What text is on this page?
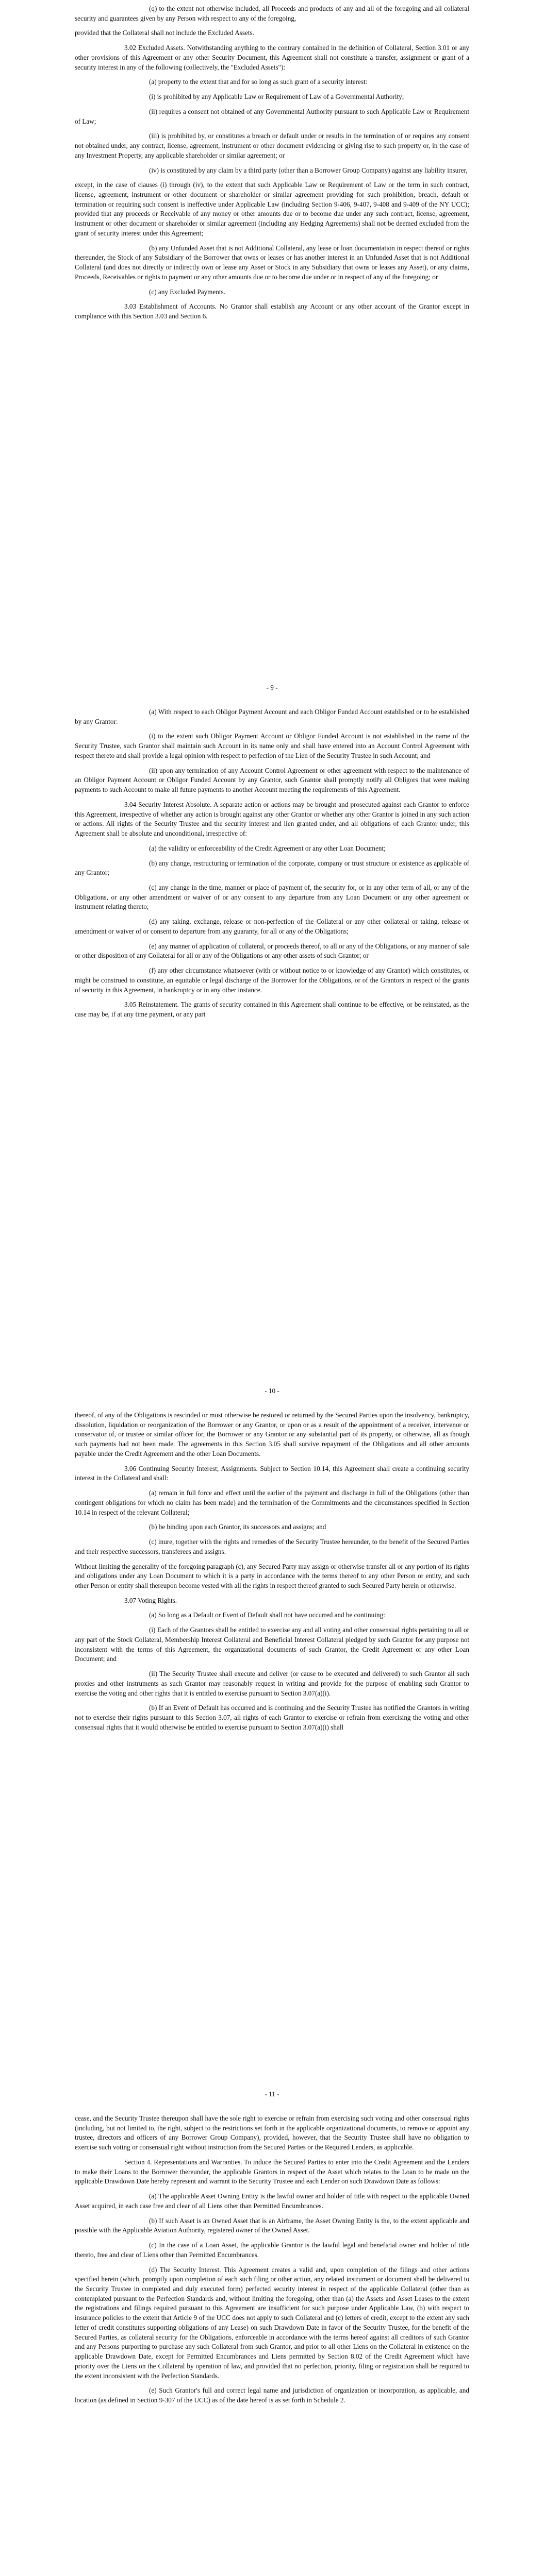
(q) to the extent not otherwise included, all Proceeds and products of any and all of the foregoing and all collateral security and guarantees given by any Person with respect to any of the foregoing,

provided that the Collateral shall not include the Excluded Assets.

3.02 Excluded Assets. Notwithstanding anything to the contrary contained in the definition of Collateral, Section 3.01 or any other provisions of this Agreement or any other Security Document, this Agreement shall not constitute a transfer, assignment or grant of a security interest in any of the following (collectively, the "Excluded Assets"):

(a) property to the extent that and for so long as such grant of a security interest:

(i) is prohibited by any Applicable Law or Requirement of Law of a Governmental Authority;

(ii) requires a consent not obtained of any Governmental Authority pursuant to such Applicable Law or Requirement of Law;

(iii) is prohibited by, or constitutes a breach or default under or results in the termination of or requires any consent not obtained under, any contract, license, agreement, instrument or other document evidencing or giving rise to such property or, in the case of any Investment Property, any applicable shareholder or similar agreement; or

(iv) is constituted by any claim by a third party (other than a Borrower Group Company) against any liability insurer,

except, in the case of clauses (i) through (iv), to the extent that such Applicable Law or Requirement of Law or the term in such contract, license, agreement, instrument or other document or shareholder or similar agreement providing for such prohibition, breach, default or termination or requiring such consent is ineffective under Applicable Law (including Section 9-406, 9-407, 9-408 and 9-409 of the NY UCC); provided that any proceeds or Receivable of any money or other amounts due or to become due under any such contract, license, agreement, instrument or other document or shareholder or similar agreement (including any Hedging Agreements) shall not be deemed excluded from the grant of security interest under this Agreement;

(b) any Unfunded Asset that is not Additional Collateral, any lease or loan documentation in respect thereof or rights thereunder, the Stock of any Subsidiary of the Borrower that owns or leases or has another interest in an Unfunded Asset that is not Additional Collateral (and does not directly or indirectly own or lease any Asset or Stock in any Subsidiary that owns or leases any Asset), or any claims, Proceeds, Receivables or rights to payment or any other amounts due or to become due under or in respect of any of the foregoing; or

(c) any Excluded Payments.

3.03 Establishment of Accounts. No Grantor shall establish any Account or any other account of the Grantor except in compliance with this Section 3.03 and Section 6.

- 9 -

(a) With respect to each Obligor Payment Account and each Obligor Funded Account established or to be established by any Grantor:

(i) to the extent such Obligor Payment Account or Obligor Funded Account is not established in the name of the Security Trustee, such Grantor shall maintain such Account in its name only and shall have entered into an Account Control Agreement with respect thereto and shall provide a legal opinion with respect to perfection of the Lien of the Security Trustee in such Account; and

(ii) upon any termination of any Account Control Agreement or other agreement with respect to the maintenance of an Obligor Payment Account or Obligor Funded Account by any Grantor, such Grantor shall promptly notify all Obligors that were making payments to such Account to make all future payments to another Account meeting the requirements of this Agreement.

3.04 Security Interest Absolute. A separate action or actions may be brought and prosecuted against each Grantor to enforce this Agreement, irrespective of whether any action is brought against any other Grantor or whether any other Grantor is joined in any such action or actions. All rights of the Security Trustee and the security interest and lien granted under, and all obligations of each Grantor under, this Agreement shall be absolute and unconditional, irrespective of:

(a) the validity or enforceability of the Credit Agreement or any other Loan Document;

(b) any change, restructuring or termination of the corporate, company or trust structure or existence as applicable of any Grantor;

(c) any change in the time, manner or place of payment of, the security for, or in any other term of all, or any of the Obligations, or any other amendment or waiver of or any consent to any departure from any Loan Document or any other agreement or instrument relating thereto;

(d) any taking, exchange, release or non-perfection of the Collateral or any other collateral or taking, release or amendment or waiver of or consent to departure from any guaranty, for all or any of the Obligations;

(e) any manner of application of collateral, or proceeds thereof, to all or any of the Obligations, or any manner of sale or other disposition of any Collateral for all or any of the Obligations or any other assets of such Grantor; or

(f) any other circumstance whatsoever (with or without notice to or knowledge of any Grantor) which constitutes, or might be construed to constitute, an equitable or legal discharge of the Borrower for the Obligations, or of the Grantors in respect of the grants of security in this Agreement, in bankruptcy or in any other instance.

3.05 Reinstatement. The grants of security contained in this Agreement shall continue to be effective, or be reinstated, as the case may be, if at any time payment, or any part

- 10 -

thereof, of any of the Obligations is rescinded or must otherwise be restored or returned by the Secured Parties upon the insolvency, bankruptcy, dissolution, liquidation or reorganization of the Borrower or any Grantor, or upon or as a result of the appointment of a receiver, intervenor or conservator of, or trustee or similar officer for, the Borrower or any Grantor or any substantial part of its property, or otherwise, all as though such payments had not been made. The agreements in this Section 3.05 shall survive repayment of the Obligations and all other amounts payable under the Credit Agreement and the other Loan Documents.

3.06 Continuing Security Interest; Assignments. Subject to Section 10.14, this Agreement shall create a continuing security interest in the Collateral and shall:

(a) remain in full force and effect until the earlier of the payment and discharge in full of the Obligations (other than contingent obligations for which no claim has been made) and the termination of the Commitments and the circumstances specified in Section 10.14 in respect of the relevant Collateral;

(b) be binding upon each Grantor, its successors and assigns; and

(c) inure, together with the rights and remedies of the Security Trustee hereunder, to the benefit of the Secured Parties and their respective successors, transferees and assigns.

Without limiting the generality of the foregoing paragraph (c), any Secured Party may assign or otherwise transfer all or any portion of its rights and obligations under any Loan Document to which it is a party in accordance with the terms thereof to any other Person or entity, and such other Person or entity shall thereupon become vested with all the rights in respect thereof granted to such Secured Party herein or otherwise.

3.07 Voting Rights.

(a) So long as a Default or Event of Default shall not have occurred and be continuing:

(i) Each of the Grantors shall be entitled to exercise any and all voting and other consensual rights pertaining to all or any part of the Stock Collateral, Membership Interest Collateral and Beneficial Interest Collateral pledged by such Grantor for any purpose not inconsistent with the terms of this Agreement, the organizational documents of such Grantor, the Credit Agreement or any other Loan Document; and

(ii) The Security Trustee shall execute and deliver (or cause to be executed and delivered) to such Grantor all such proxies and other instruments as such Grantor may reasonably request in writing and provide for the purpose of enabling such Grantor to exercise the voting and other rights that it is entitled to exercise pursuant to Section 3.07(a)(i).

(b) If an Event of Default has occurred and is continuing and the Security Trustee has notified the Grantors in writing not to exercise their rights pursuant to this Section 3.07, all rights of each Grantor to exercise or refrain from exercising the voting and other consensual rights that it would otherwise be entitled to exercise pursuant to Section 3.07(a)(i) shall

- 11 -

cease, and the Security Trustee thereupon shall have the sole right to exercise or refrain from exercising such voting and other consensual rights (including, but not limited to, the right, subject to the restrictions set forth in the applicable organizational documents, to remove or appoint any trustee, directors and officers of any Borrower Group Company), provided, however, that the Security Trustee shall have no obligation to exercise such voting or consensual right without instruction from the Secured Parties or the Required Lenders, as applicable.

Section 4. Representations and Warranties. To induce the Secured Parties to enter into the Credit Agreement and the Lenders to make their Loans to the Borrower thereunder, the applicable Grantors in respect of the Asset which relates to the Loan to be made on the applicable Drawdown Date hereby represent and warrant to the Security Trustee and each Lender on such Drawdown Date as follows:

(a) The applicable Asset Owning Entity is the lawful owner and holder of title with respect to the applicable Owned Asset acquired, in each case free and clear of all Liens other than Permitted Encumbrances.

(b) If such Asset is an Owned Asset that is an Airframe, the Asset Owning Entity is the, to the extent applicable and possible with the Applicable Aviation Authority, registered owner of the Owned Asset.

(c) In the case of a Loan Asset, the applicable Grantor is the lawful legal and beneficial owner and holder of title thereto, free and clear of Liens other than Permitted Encumbrances.

(d) The Security Interest. This Agreement creates a valid and, upon completion of the filings and other actions specified herein (which, promptly upon completion of each such filing or other action, any related instrument or document shall be delivered to the Security Trustee in completed and duly executed form) perfected security interest in respect of the applicable Collateral (other than as contemplated pursuant to the Perfection Standards and, without limiting the foregoing, other than (a) the Assets and Asset Leases to the extent the registrations and filings required pursuant to this Agreement are insufficient for such purpose under Applicable Law, (b) with respect to insurance policies to the extent that Article 9 of the UCC does not apply to such Collateral and (c) letters of credit, except to the extent any such letter of credit constitutes supporting obligations of any Lease) on such Drawdown Date in favor of the Security Trustee, for the benefit of the Secured Parties, as collateral security for the Obligations, enforceable in accordance with the terms hereof against all creditors of such Grantor and any Persons purporting to purchase any such Collateral from such Grantor, and prior to all other Liens on the Collateral in existence on the applicable Drawdown Date, except for Permitted Encumbrances and Liens permitted by Section 8.02 of the Credit Agreement which have priority over the Liens on the Collateral by operation of law, and provided that no perfection, priority, filing or registration shall be required to the extent inconsistent with the Perfection Standards.

(e) Such Grantor's full and correct legal name and jurisdiction of organization or incorporation, as applicable, and location (as defined in Section 9-307 of the UCC) as of the date hereof is as set forth in Schedule 2.
